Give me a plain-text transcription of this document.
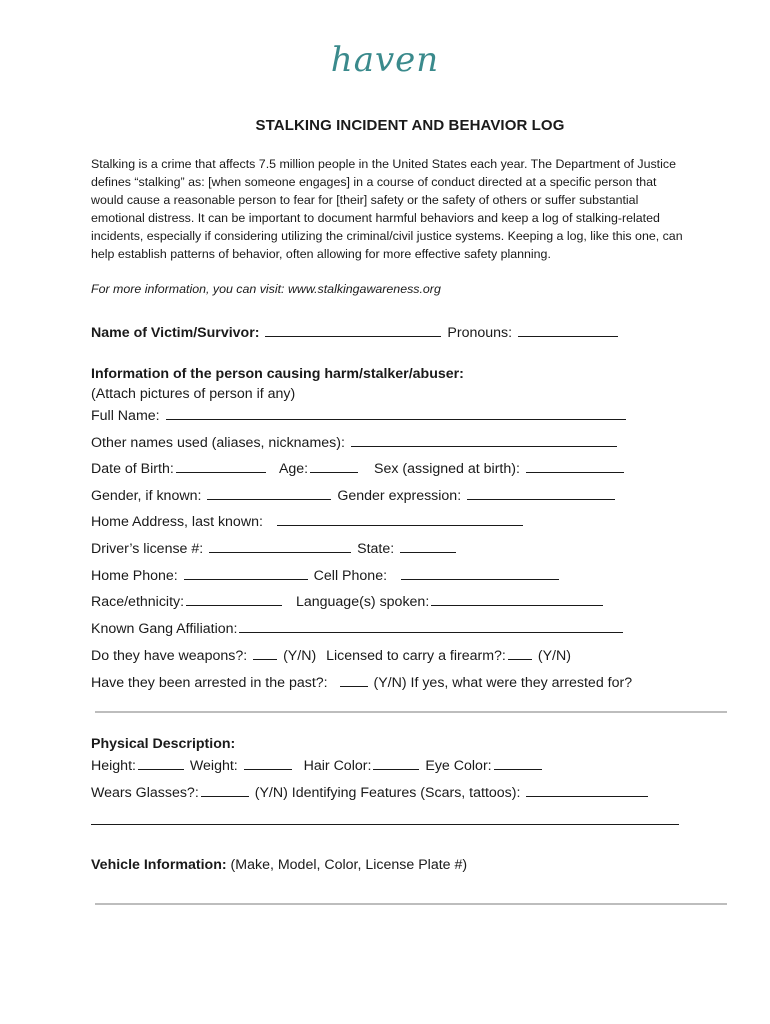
haven
STALKING INCIDENT AND BEHAVIOR LOG
Stalking is a crime that affects 7.5 million people in the United States each year. The Department of Justice
defines “stalking” as: [when someone engages] in a course of conduct directed at a specific person that
would cause a reasonable person to fear for [their] safety or the safety of others or suffer substantial
emotional distress. It can be important to document harmful behaviors and keep a log of stalking-related
incidents, especially if considering utilizing the criminal/civil justice systems. Keeping a log, like this one, can
help establish patterns of behavior, often allowing for more effective safety planning.
For more information, you can visit: www.stalkingawareness.org
Name of Victim/Survivor:	Pronouns:
Information of the person causing harm/stalker/abuser:
(Attach pictures of person if any)
Full Name:
Other names used (aliases, nicknames):
Date of Birth:	Age:	Sex (assigned at birth):
Gender, if known:	Gender expression:
Home Address, last known:
Driver’s license #:	State:
Home Phone:	Cell Phone:
Race/ethnicity:	Language(s) spoken:
Known Gang Affiliation:
Do they have weapons?:	(Y/N) Licensed to carry a firearm?: (Y/N)
Have they been arrested in the past?:	(Y/N) If yes, what were they arrested for?
Physical Description:
Height:	Weight:	Hair Color:	Eye Color:
Wears Glasses?:	(Y/N) Identifying Features (Scars, tattoos):
Vehicle Information: (Make, Model, Color, License Plate #)
